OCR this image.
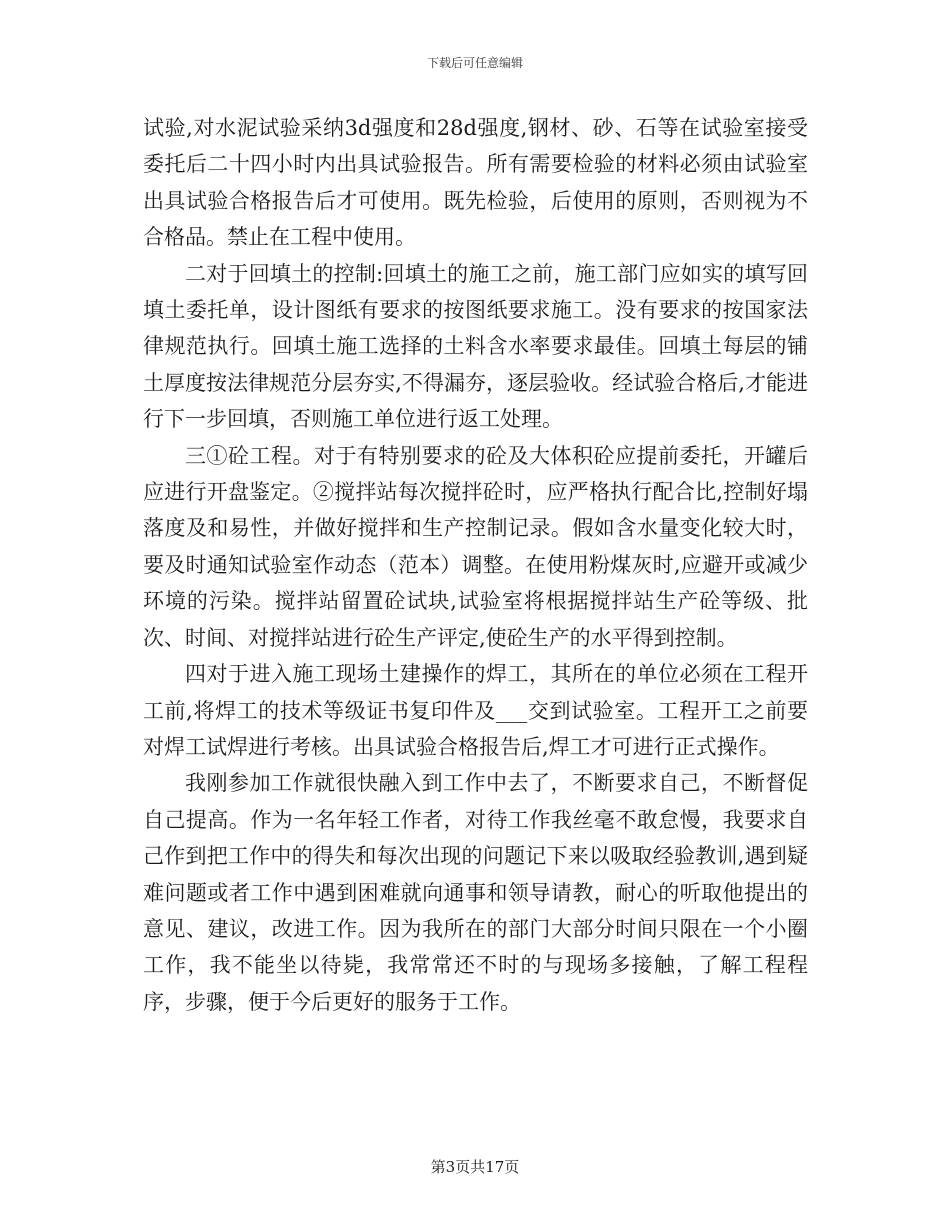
下载后可任意编辑

试验,对水泥试验采纳3d强度和28d强度,钢材、砂、石等在试验室接受委托后二十四小时内出具试验报告。所有需要检验的材料必须由试验室出具试验合格报告后才可使用。既先检验，后使用的原则，否则视为不合格品。禁止在工程中使用。

二对于回填土的控制:回填土的施工之前，施工部门应如实的填写回填土委托单，设计图纸有要求的按图纸要求施工。没有要求的按国家法律规范执行。回填土施工选择的土料含水率要求最佳。回填土每层的铺土厚度按法律规范分层夯实,不得漏夯，逐层验收。经试验合格后,才能进行下一步回填，否则施工单位进行返工处理。

三①砼工程。对于有特别要求的砼及大体积砼应提前委托，开罐后应进行开盘鉴定。②搅拌站每次搅拌砼时，应严格执行配合比,控制好塌落度及和易性，并做好搅拌和生产控制记录。假如含水量变化较大时，要及时通知试验室作动态（范本）调整。在使用粉煤灰时,应避开或减少环境的污染。搅拌站留置砼试块,试验室将根据搅拌站生产砼等级、批次、时间、对搅拌站进行砼生产评定,使砼生产的水平得到控制。

四对于进入施工现场土建操作的焊工，其所在的单位必须在工程开工前,将焊工的技术等级证书复印件及___交到试验室。工程开工之前要对焊工试焊进行考核。出具试验合格报告后,焊工才可进行正式操作。

我刚参加工作就很快融入到工作中去了，不断要求自己，不断督促自己提高。作为一名年轻工作者，对待工作我丝毫不敢怠慢，我要求自己作到把工作中的得失和每次出现的问题记下来以吸取经验教训,遇到疑难问题或者工作中遇到困难就向通事和领导请教，耐心的听取他提出的意见、建议，改进工作。因为我所在的部门大部分时间只限在一个小圈工作，我不能坐以待毙，我常常还不时的与现场多接触，了解工程程序，步骤，便于今后更好的服务于工作。

第3页共17页
